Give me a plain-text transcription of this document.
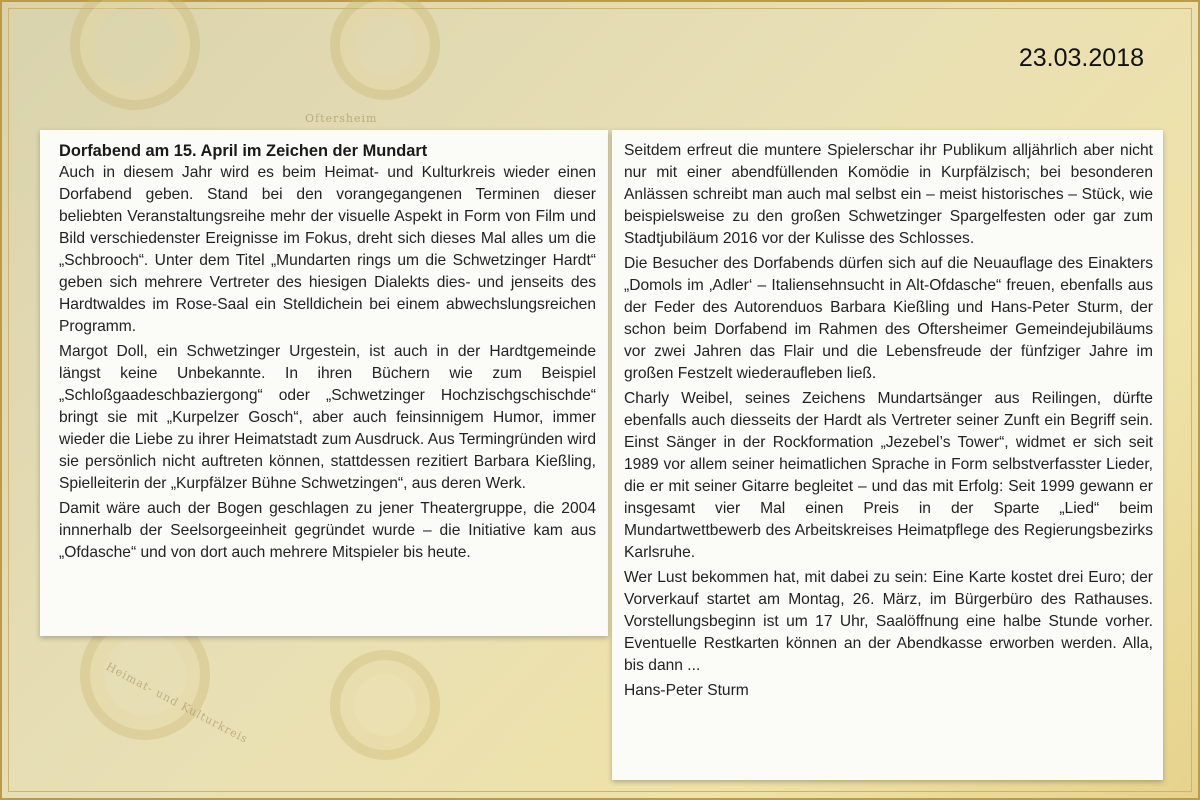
Oftersheim
Heimat- und Kulturkreis
23.03.2018
Dorfabend am 15. April im Zeichen der Mundart

Auch in diesem Jahr wird es beim Heimat- und Kulturkreis wieder einen Dorfabend geben. Stand bei den vorangegangenen Terminen dieser beliebten Veranstaltungsreihe mehr der visuelle Aspekt in Form von Film und Bild verschiedenster Ereignisse im Fokus, dreht sich dieses Mal alles um die „Schbrooch“. Unter dem Titel „Mundarten rings um die Schwetzinger Hardt“ geben sich mehrere Vertreter des hiesigen Dialekts dies- und jenseits des Hardtwaldes im Rose-Saal ein Stelldichein bei einem abwechslungsreichen Programm.

Margot Doll, ein Schwetzinger Urgestein, ist auch in der Hardtgemeinde längst keine Unbekannte. In ihren Büchern wie zum Beispiel „Schloßgaadeschbaziergong“ oder „Schwetzinger Hochzischgschischde“ bringt sie mit „Kurpelzer Gosch“, aber auch feinsinnigem Humor, immer wieder die Liebe zu ihrer Heimatstadt zum Ausdruck. Aus Termingründen wird sie persönlich nicht auftreten können, stattdessen rezitiert Barbara Kießling, Spielleiterin der „Kurpfälzer Bühne Schwetzingen“, aus deren Werk.

Damit wäre auch der Bogen geschlagen zu jener Theatergruppe, die 2004 innnerhalb der Seelsorgeeinheit gegründet wurde – die Initiative kam aus „Ofdasche“ und von dort auch mehrere Mitspieler bis heute.

Seitdem erfreut die muntere Spielerschar ihr Publikum alljährlich aber nicht nur mit einer abendfüllenden Komödie in Kurpfälzisch; bei besonderen Anlässen schreibt man auch mal selbst ein – meist historisches – Stück, wie beispielsweise zu den großen Schwetzinger Spargelfesten oder gar zum Stadtjubiläum 2016 vor der Kulisse des Schlosses.

Die Besucher des Dorfabends dürfen sich auf die Neuauflage des Einakters „Domols im ‚Adler‘ – Italiensehnsucht in Alt-Ofdasche“ freuen, ebenfalls aus der Feder des Autorenduos Barbara Kießling und Hans-Peter Sturm, der schon beim Dorfabend im Rahmen des Oftersheimer Gemeindejubiläums vor zwei Jahren das Flair und die Lebensfreude der fünfziger Jahre im großen Festzelt wiederaufleben ließ.

Charly Weibel, seines Zeichens Mundartsänger aus Reilingen, dürfte ebenfalls auch diesseits der Hardt als Vertreter seiner Zunft ein Begriff sein. Einst Sänger in der Rockformation „Jezebel’s Tower“, widmet er sich seit 1989 vor allem seiner heimatlichen Sprache in Form selbstverfasster Lieder, die er mit seiner Gitarre begleitet – und das mit Erfolg: Seit 1999 gewann er insgesamt vier Mal einen Preis in der Sparte „Lied“ beim Mundartwettbewerb des Arbeitskreises Heimatpflege des Regierungsbezirks Karlsruhe.

Wer Lust bekommen hat, mit dabei zu sein: Eine Karte kostet drei Euro; der Vorverkauf startet am Montag, 26. März, im Bürgerbüro des Rathauses. Vorstellungsbeginn ist um 17 Uhr, Saalöffnung eine halbe Stunde vorher. Eventuelle Restkarten können an der Abendkasse erworben werden. Alla, bis dann ...

Hans-Peter Sturm
